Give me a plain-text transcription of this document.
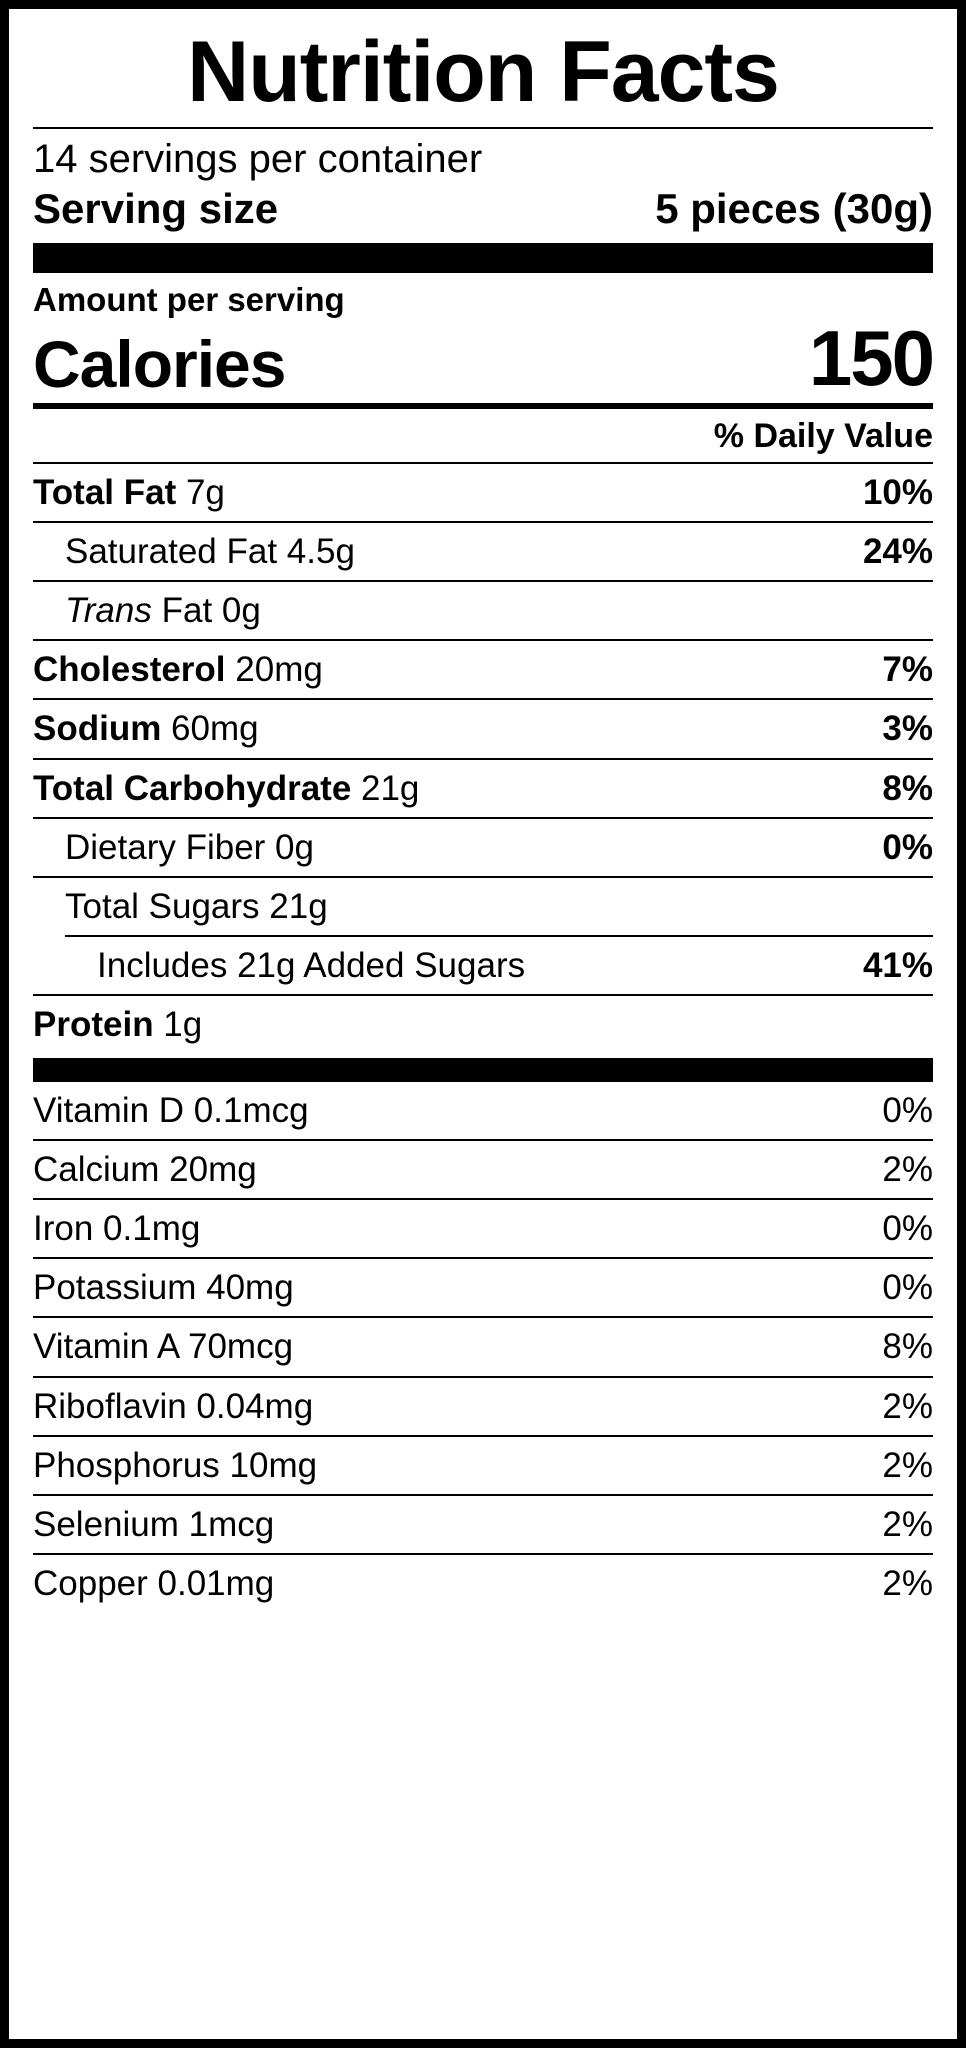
Nutrition Facts
14 servings per container
Serving size	5 pieces (30g)
Amount per serving
Calories	150
% Daily Value
Total Fat 7g	10%
Saturated Fat 4.5g	24%
Trans Fat 0g
Cholesterol 20mg	7%
Sodium 60mg	3%
Total Carbohydrate 21g	8%
Dietary Fiber 0g	0%
Total Sugars 21g
Includes 21g Added Sugars	41%
Protein 1g
Vitamin D 0.1mcg	0%
Calcium 20mg	2%
Iron 0.1mg	0%
Potassium 40mg	0%
Vitamin A 70mcg	8%
Riboflavin 0.04mg	2%
Phosphorus 10mg	2%
Selenium 1mcg	2%
Copper 0.01mg	2%
